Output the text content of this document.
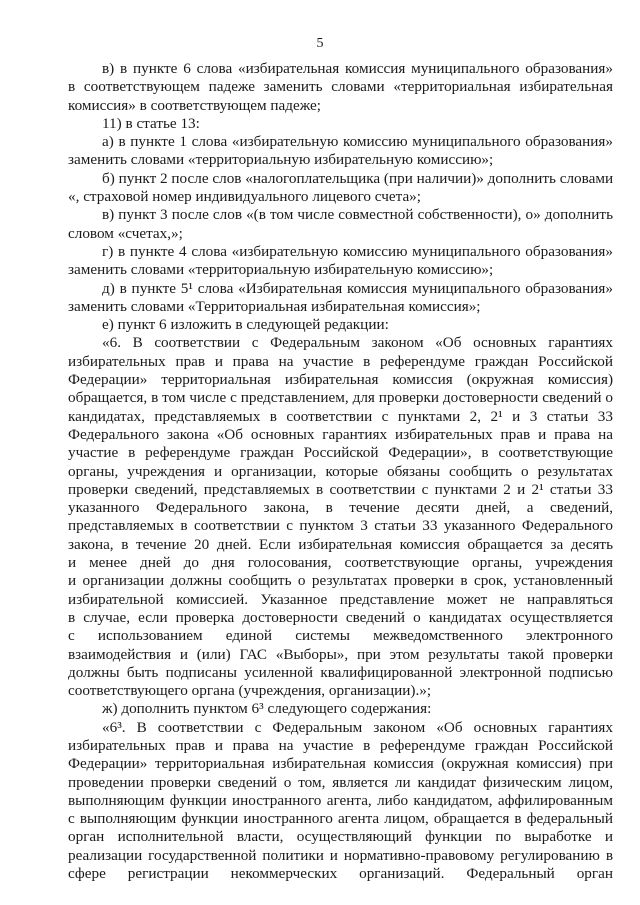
5
в) в пункте 6 слова «избирательная комиссия муниципального образования»
в соответствующем падеже заменить словами «территориальная избирательная
комиссия» в соответствующем падеже;
11) в статье 13:
а) в пункте 1 слова «избирательную комиссию муниципального образования»
заменить словами «территориальную избирательную комиссию»;
б) пункт 2 после слов «налогоплательщика (при наличии)» дополнить словами
«, страховой номер индивидуального лицевого счета»;
в) пункт 3 после слов «(в том числе совместной собственности), о» дополнить
словом «счетах,»;
г) в пункте 4 слова «избирательную комиссию муниципального образования»
заменить словами «территориальную избирательную комиссию»;
д) в пункте 5¹ слова «Избирательная комиссия муниципального образования»
заменить словами «Территориальная избирательная комиссия»;
е) пункт 6 изложить в следующей редакции:
«6. В соответствии с Федеральным законом «Об основных гарантиях
избирательных прав и права на участие в референдуме граждан Российской
Федерации» территориальная избирательная комиссия (окружная комиссия)
обращается, в том числе с представлением, для проверки достоверности сведений о
кандидатах, представляемых в соответствии с пунктами 2, 2¹ и 3 статьи 33
Федерального закона «Об основных гарантиях избирательных прав и права на
участие в референдуме граждан Российской Федерации», в соответствующие
органы, учреждения и организации, которые обязаны сообщить о результатах
проверки сведений, представляемых в соответствии с пунктами 2 и 2¹ статьи 33
указанного Федерального закона, в течение десяти дней, а сведений,
представляемых в соответствии с пунктом 3 статьи 33 указанного Федерального
закона, в течение 20 дней. Если избирательная комиссия обращается за десять
и менее дней до дня голосования, соответствующие органы, учреждения
и организации должны сообщить о результатах проверки в срок, установленный
избирательной комиссией. Указанное представление может не направляться
в случае, если проверка достоверности сведений о кандидатах осуществляется
с использованием единой системы межведомственного электронного
взаимодействия и (или) ГАС «Выборы», при этом результаты такой проверки
должны быть подписаны усиленной квалифицированной электронной подписью
соответствующего органа (учреждения, организации).»;
ж) дополнить пунктом 6³ следующего содержания:
«6³. В соответствии с Федеральным законом «Об основных гарантиях
избирательных прав и права на участие в референдуме граждан Российской
Федерации» территориальная избирательная комиссия (окружная комиссия) при
проведении проверки сведений о том, является ли кандидат физическим лицом,
выполняющим функции иностранного агента, либо кандидатом, аффилированным
с выполняющим функции иностранного агента лицом, обращается в федеральный
орган исполнительной власти, осуществляющий функции по выработке и
реализации государственной политики и нормативно-правовому регулированию в
сфере регистрации некоммерческих организаций. Федеральный орган
